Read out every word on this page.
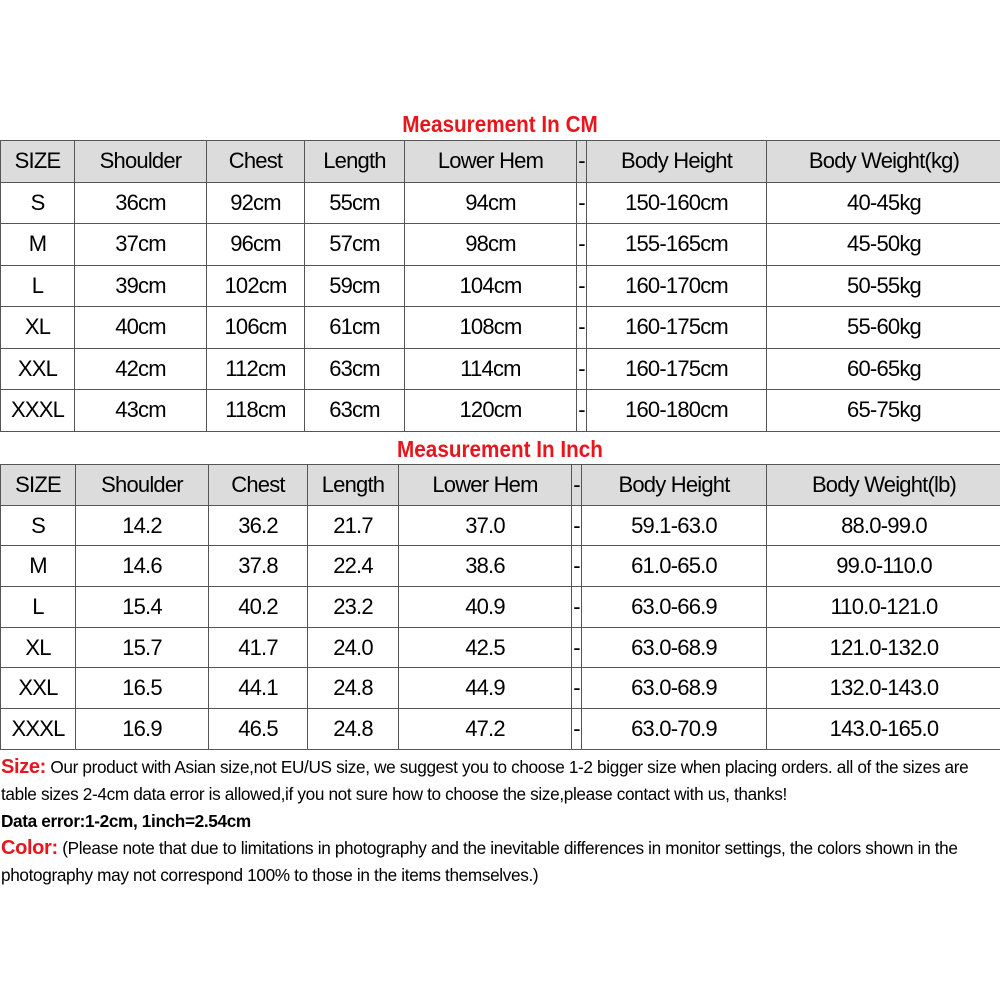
Measurement In CM
SIZE	Shoulder	Chest	Length	Lower Hem	-	Body Height	Body Weight(kg)
S	36cm	92cm	55cm	94cm	-	150-160cm	40-45kg
M	37cm	96cm	57cm	98cm	-	155-165cm	45-50kg
L	39cm	102cm	59cm	104cm	-	160-170cm	50-55kg
XL	40cm	106cm	61cm	108cm	-	160-175cm	55-60kg
XXL	42cm	112cm	63cm	114cm	-	160-175cm	60-65kg
XXXL	43cm	118cm	63cm	120cm	-	160-180cm	65-75kg
Measurement In Inch
SIZE	Shoulder	Chest	Length	Lower Hem	-	Body Height	Body Weight(lb)
S	14.2	36.2	21.7	37.0	-	59.1-63.0	88.0-99.0
M	14.6	37.8	22.4	38.6	-	61.0-65.0	99.0-110.0
L	15.4	40.2	23.2	40.9	-	63.0-66.9	110.0-121.0
XL	15.7	41.7	24.0	42.5	-	63.0-68.9	121.0-132.0
XXL	16.5	44.1	24.8	44.9	-	63.0-68.9	132.0-143.0
XXXL	16.9	46.5	24.8	47.2	-	63.0-70.9	143.0-165.0

Size: Our product with Asian size,not EU/US size, we suggest you to choose 1-2 bigger size when placing orders. all of the sizes are table sizes 2-4cm data error is allowed,if you not sure how to choose the size,please contact with us, thanks!

Data error:1-2cm, 1inch=2.54cm

Color: (Please note that due to limitations in photography and the inevitable differences in monitor settings, the colors shown in the photography may not correspond 100% to those in the items themselves.)
